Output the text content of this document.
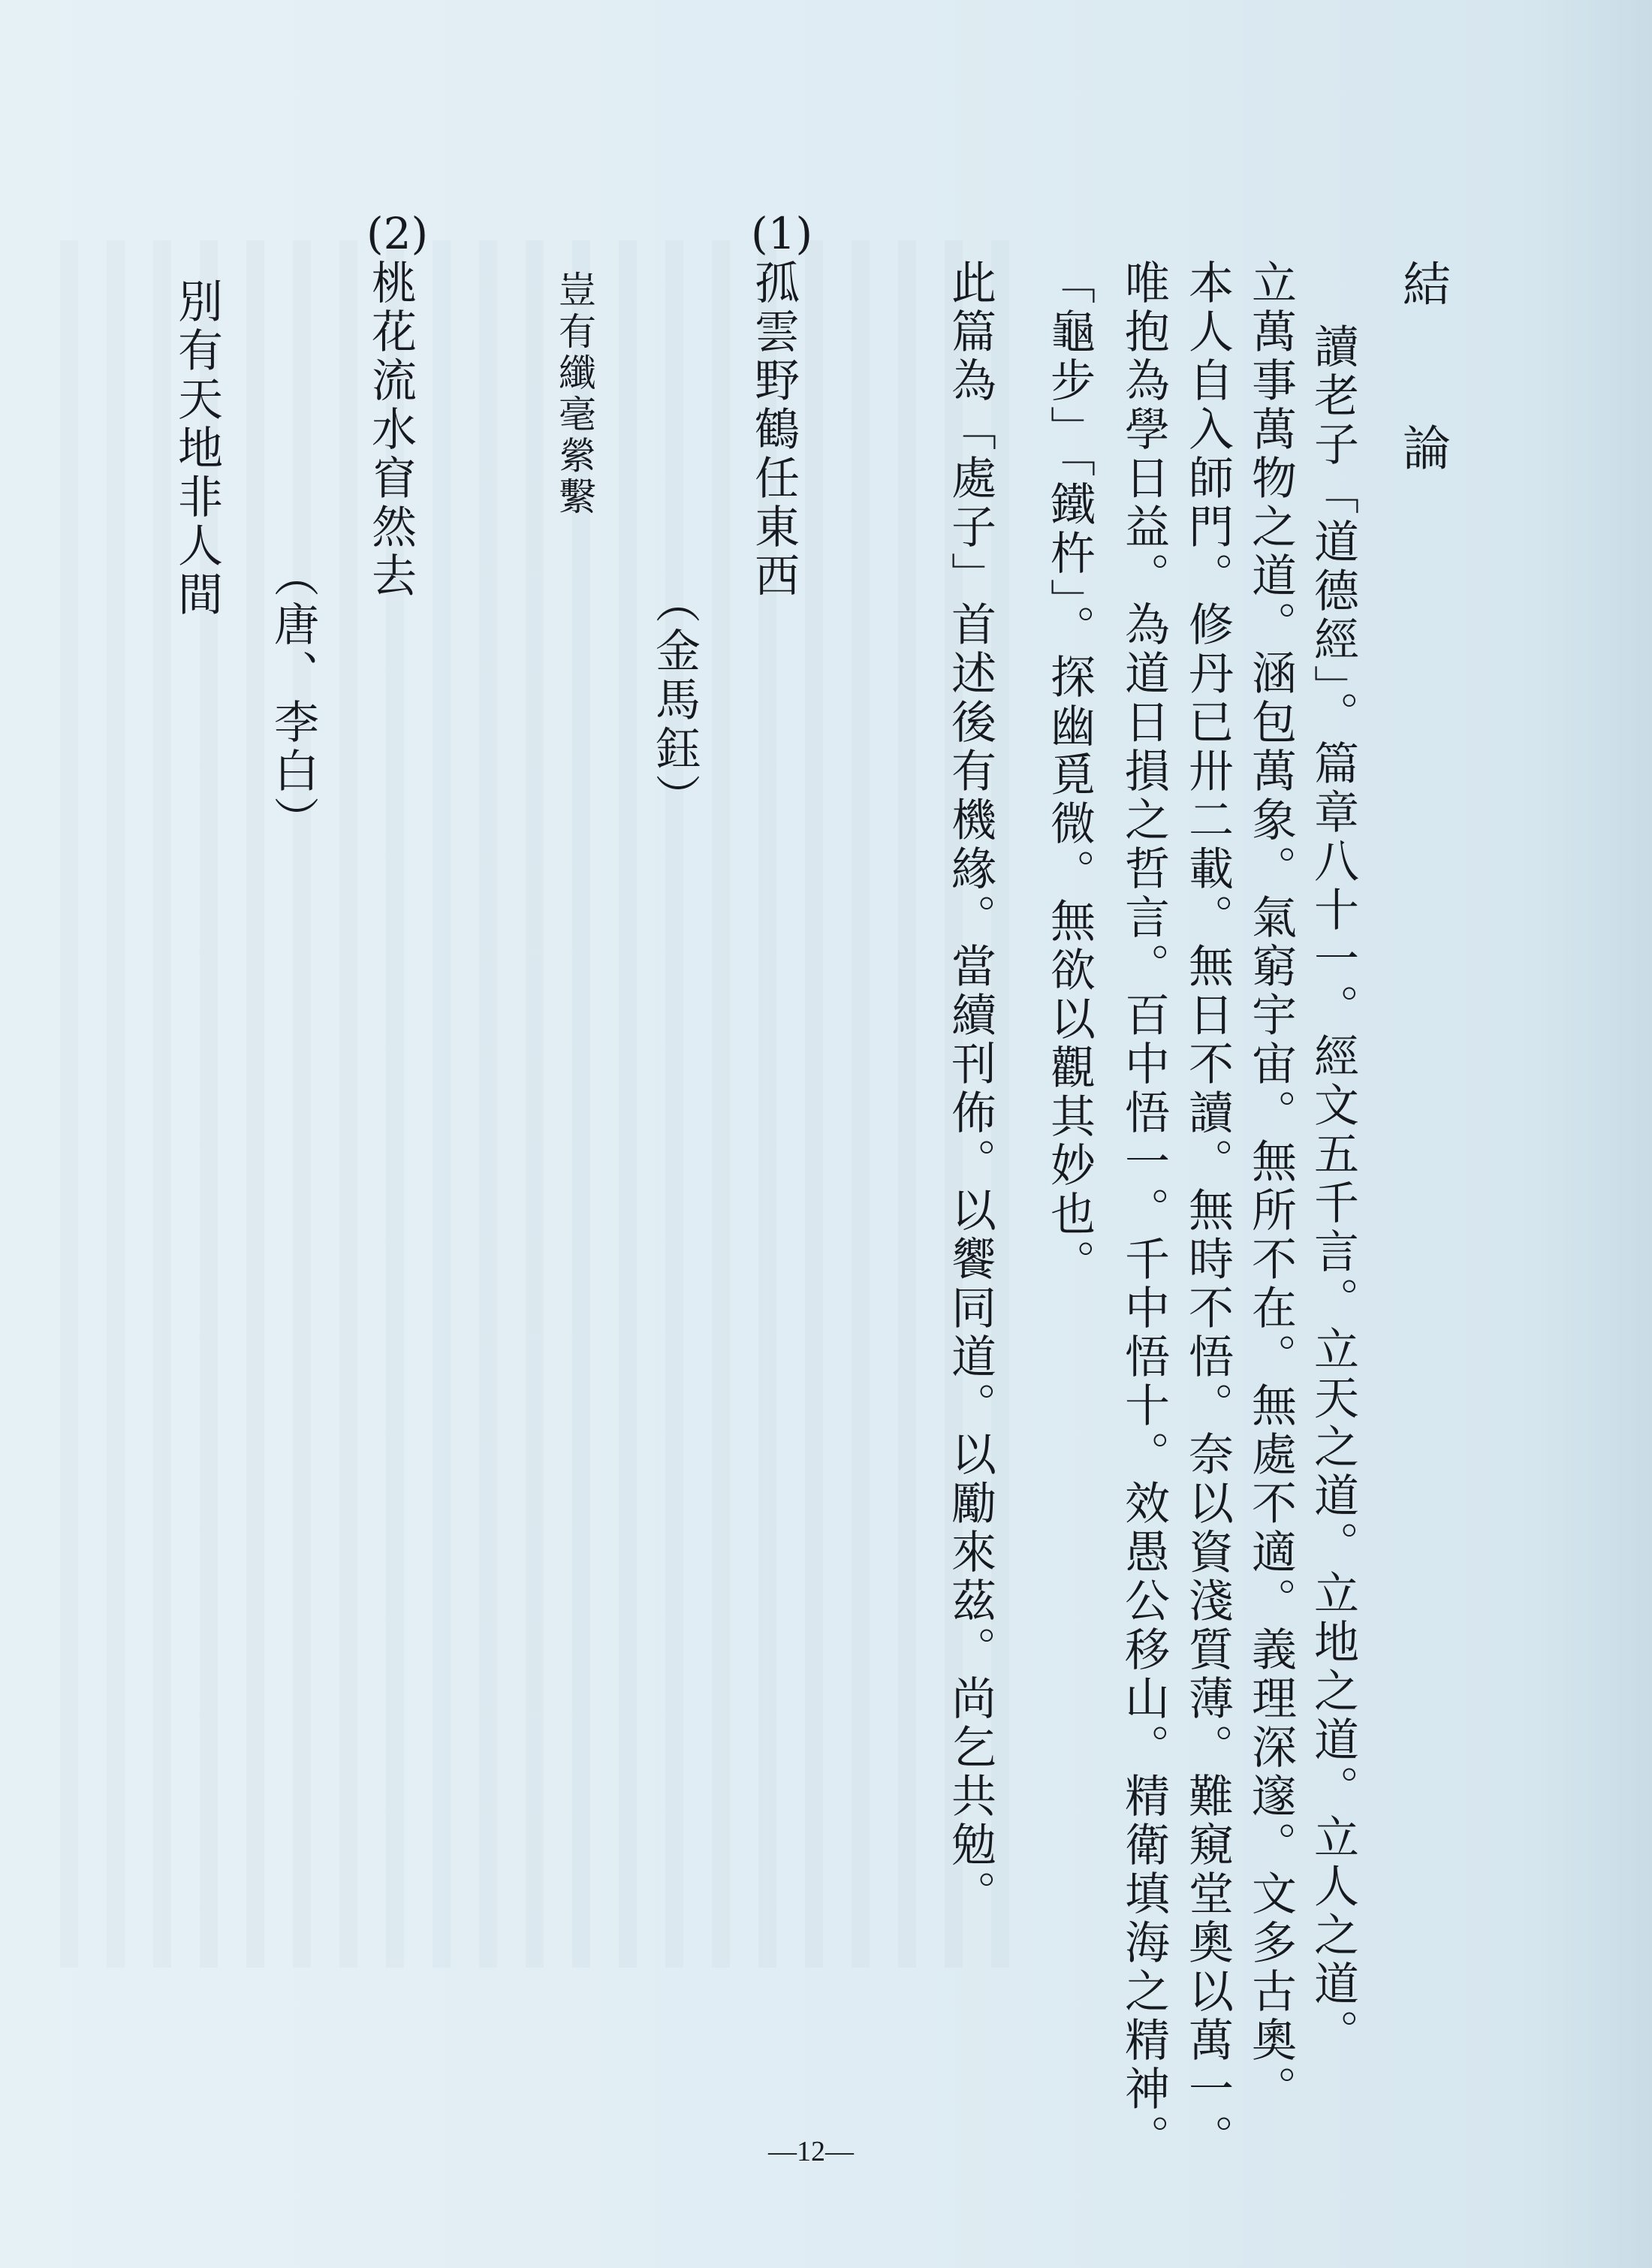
結 論
讀老子「道德經」。篇章八十一。經文五千言。立天之道。立地之道。立人之道。
立萬事萬物之道。涵包萬象。氣窮宇宙。無所不在。無處不適。義理深邃。文多古奧。
本人自入師門。修丹已卅二載。無日不讀。無時不悟。奈以資淺質薄。難窺堂奧以萬一。
唯抱為學日益。為道日損之哲言。百中悟一。千中悟十。效愚公移山。精衛填海之精神。
「龜步」「鐵杵」。探幽覓微。無欲以觀其妙也。
此篇為「處子」首述後有機緣。當續刊佈。以饗同道。以勵來茲。尚乞共勉。
(1)
孤雲野鶴任東西
（金馬鈺）
豈有纖毫縈繫
(2)
桃花流水窅然去
（唐、李白）
別有天地非人間
—12—
